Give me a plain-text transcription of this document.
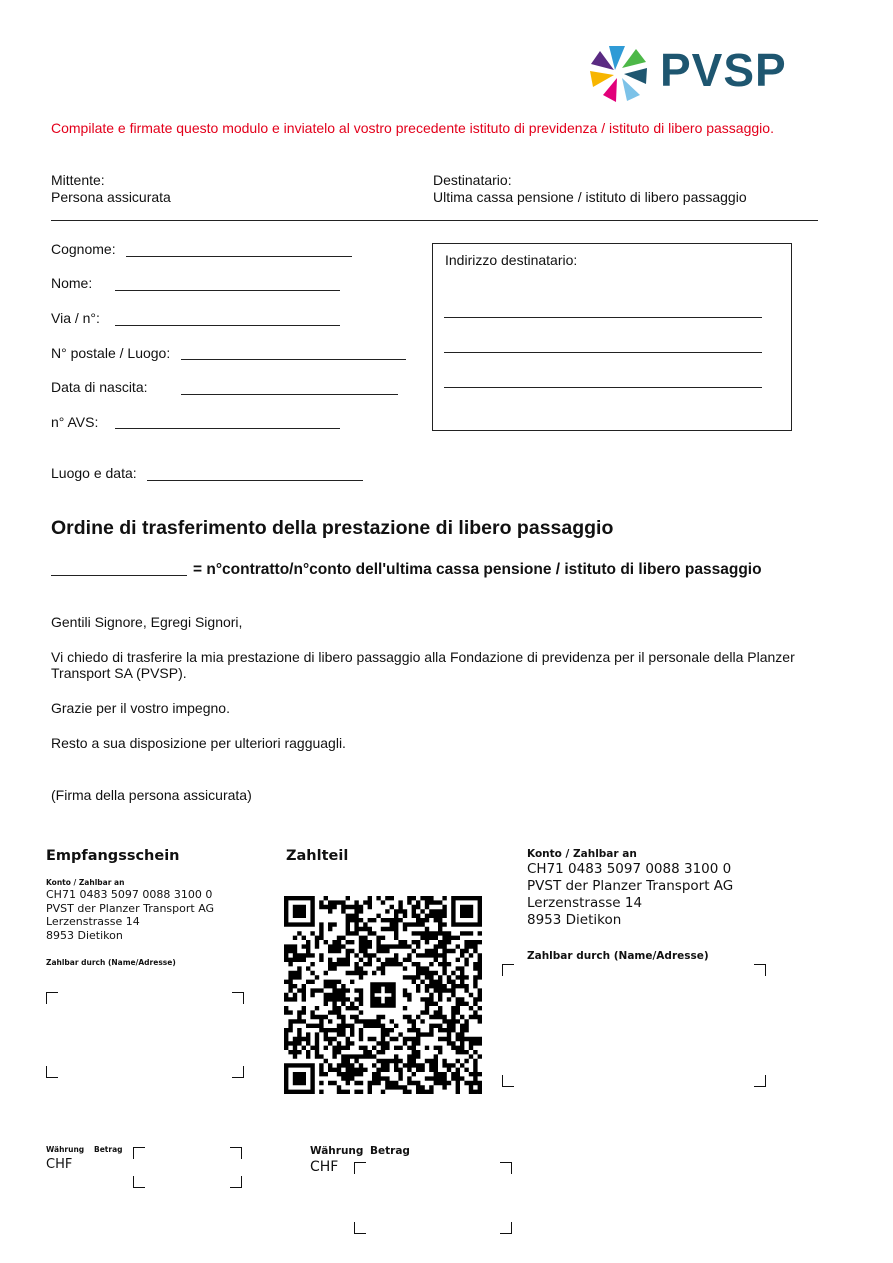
PVSP
Compilate e firmate questo modulo e inviatelo al vostro precedente istituto di previdenza / istituto di libero passaggio.
Mittente:
Persona assicurata
Destinatario:
Ultima cassa pensione / istituto di libero passaggio
Cognome:
Nome:
Via / n°:
N° postale / Luogo:
Data di nascita:
n° AVS:
Luogo e data:
Indirizzo destinatario:
Ordine di trasferimento della prestazione di libero passaggio
= n°contratto/n°conto dell'ultima cassa pensione / istituto di libero passaggio
Gentili Signore, Egregi Signori,
Vi chiedo di trasferire la mia prestazione di libero passaggio alla Fondazione di previdenza per il personale della Planzer
Transport SA (PVSP).
Grazie per il vostro impegno.
Resto a sua disposizione per ulteriori ragguagli.
(Firma della persona assicurata)
Empfangsschein
Konto / Zahlbar an
CH71 0483 5097 0088 3100 0
PVST der Planzer Transport AG
Lerzenstrasse 14
8953 Dietikon
Zahlbar durch (Name/Adresse)
Währung Betrag
CHF
Zahlteil
Währung Betrag
CHF
Konto / Zahlbar an
CH71 0483 5097 0088 3100 0
PVST der Planzer Transport AG
Lerzenstrasse 14
8953 Dietikon
Zahlbar durch (Name/Adresse)
